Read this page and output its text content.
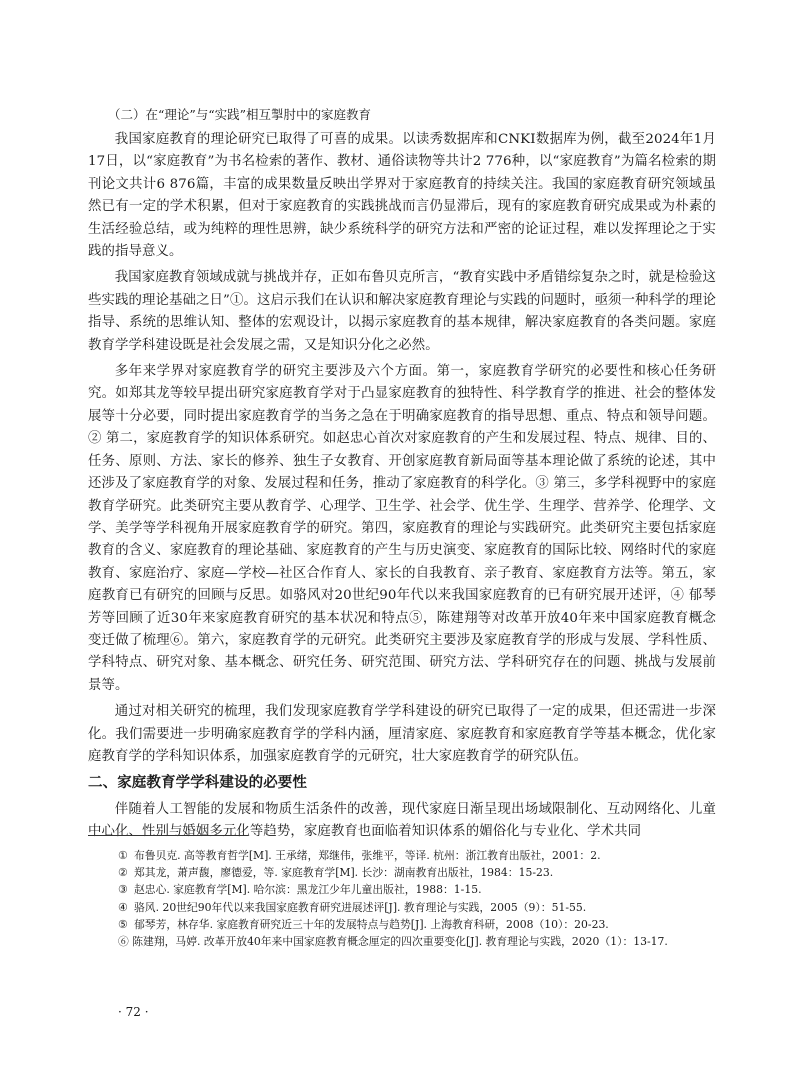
（二）在“理论”与“实践”相互掣肘中的家庭教育

我国家庭教育的理论研究已取得了可喜的成果。以读秀数据库和CNKI数据库为例，截至2024年1月17日，以“家庭教育”为书名检索的著作、教材、通俗读物等共计2 776种，以“家庭教育”为篇名检索的期刊论文共计6 876篇，丰富的成果数量反映出学界对于家庭教育的持续关注。我国的家庭教育研究领域虽然已有一定的学术积累，但对于家庭教育的实践挑战而言仍显滞后，现有的家庭教育研究成果或为朴素的生活经验总结，或为纯粹的理性思辨，缺少系统科学的研究方法和严密的论证过程，难以发挥理论之于实践的指导意义。

我国家庭教育领域成就与挑战并存，正如布鲁贝克所言，“教育实践中矛盾错综复杂之时，就是检验这些实践的理论基础之日”①。这启示我们在认识和解决家庭教育理论与实践的问题时，亟须一种科学的理论指导、系统的思维认知、整体的宏观设计，以揭示家庭教育的基本规律，解决家庭教育的各类问题。家庭教育学学科建设既是社会发展之需，又是知识分化之必然。

多年来学界对家庭教育学的研究主要涉及六个方面。第一，家庭教育学研究的必要性和核心任务研究。如郑其龙等较早提出研究家庭教育学对于凸显家庭教育的独特性、科学教育学的推进、社会的整体发展等十分必要，同时提出家庭教育学的当务之急在于明确家庭教育的指导思想、重点、特点和领导问题。② 第二，家庭教育学的知识体系研究。如赵忠心首次对家庭教育的产生和发展过程、特点、规律、目的、任务、原则、方法、家长的修养、独生子女教育、开创家庭教育新局面等基本理论做了系统的论述，其中还涉及了家庭教育学的对象、发展过程和任务，推动了家庭教育的科学化。③ 第三，多学科视野中的家庭教育学研究。此类研究主要从教育学、心理学、卫生学、社会学、优生学、生理学、营养学、伦理学、文学、美学等学科视角开展家庭教育学的研究。第四，家庭教育的理论与实践研究。此类研究主要包括家庭教育的含义、家庭教育的理论基础、家庭教育的产生与历史演变、家庭教育的国际比较、网络时代的家庭教育、家庭治疗、家庭—学校—社区合作育人、家长的自我教育、亲子教育、家庭教育方法等。第五，家庭教育已有研究的回顾与反思。如骆风对20世纪90年代以来我国家庭教育的已有研究展开述评，④ 郁琴芳等回顾了近30年来家庭教育研究的基本状况和特点⑤，陈建翔等对改革开放40年来中国家庭教育概念变迁做了梳理⑥。第六，家庭教育学的元研究。此类研究主要涉及家庭教育学的形成与发展、学科性质、学科特点、研究对象、基本概念、研究任务、研究范围、研究方法、学科研究存在的问题、挑战与发展前景等。

通过对相关研究的梳理，我们发现家庭教育学学科建设的研究已取得了一定的成果，但还需进一步深化。我们需要进一步明确家庭教育学的学科内涵，厘清家庭、家庭教育和家庭教育学等基本概念，优化家庭教育学的学科知识体系，加强家庭教育学的元研究，壮大家庭教育学的研究队伍。

二、家庭教育学学科建设的必要性

伴随着人工智能的发展和物质生活条件的改善，现代家庭日渐呈现出场域限制化、互动网络化、儿童中心化、性别与婚姻多元化等趋势，家庭教育也面临着知识体系的媚俗化与专业化、学术共同

① 布鲁贝克. 高等教育哲学[M]. 王承绪，郑继伟，张维平，等译. 杭州：浙江教育出版社，2001：2.
② 郑其龙，萧声馥，廖德爱，等. 家庭教育学[M]. 长沙：湖南教育出版社，1984：15-23.
③ 赵忠心. 家庭教育学[M]. 哈尔滨：黑龙江少年儿童出版社，1988：1-15.
④ 骆风. 20世纪90年代以来我国家庭教育研究进展述评[J]. 教育理论与实践，2005（9）：51-55.
⑤ 郁琴芳，林存华. 家庭教育研究近三十年的发展特点与趋势[J]. 上海教育科研，2008（10）：20-23.
⑥ 陈建翔，马婷. 改革开放40年来中国家庭教育概念厘定的四次重要变化[J]. 教育理论与实践，2020（1）：13-17.
· 72 ·
